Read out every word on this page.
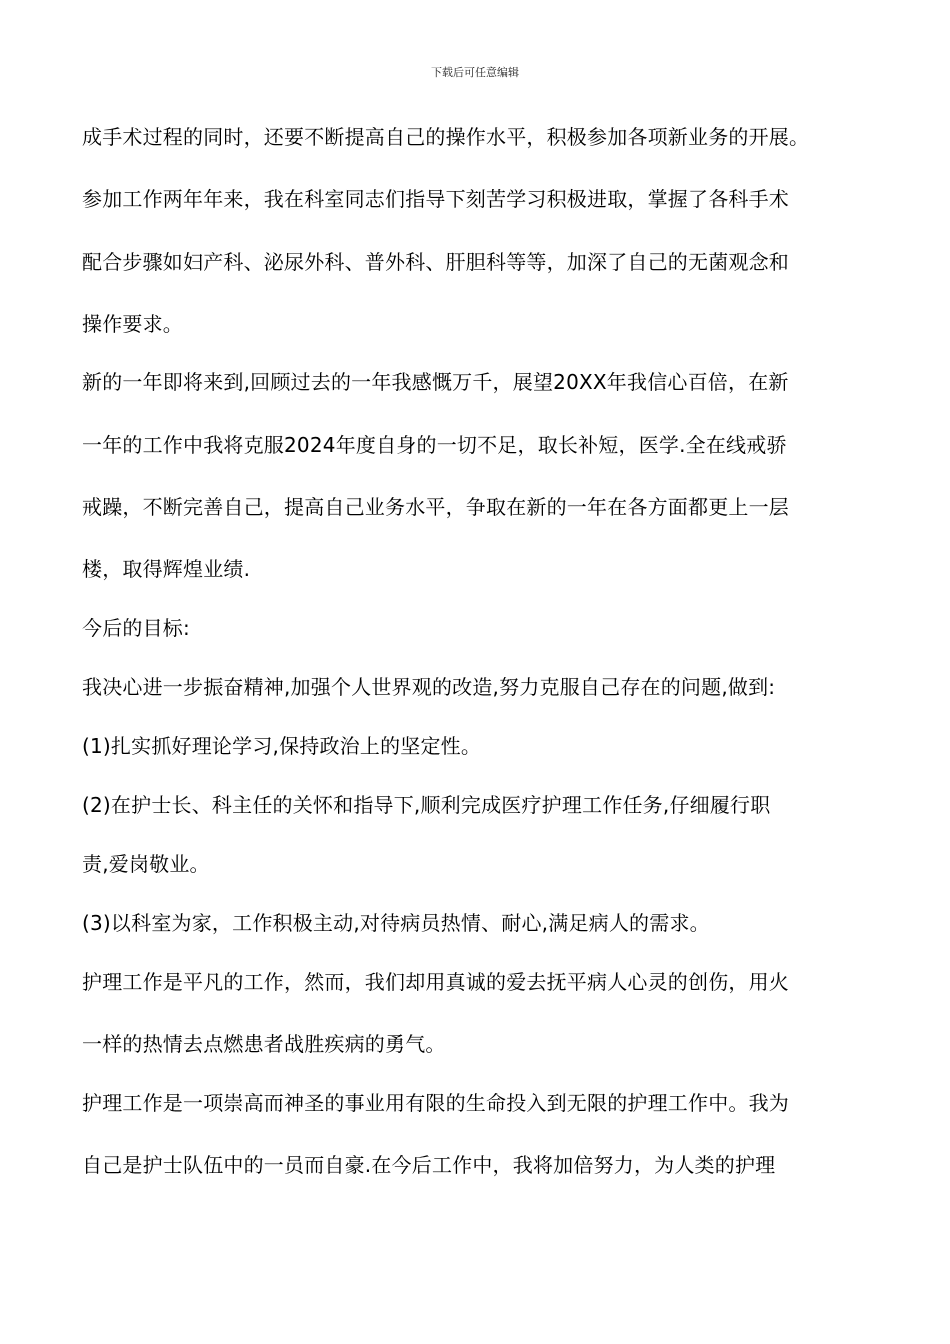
下载后可任意编辑
成手术过程的同时，还要不断提高自己的操作水平，积极参加各项新业务的开展。
参加工作两年年来，我在科室同志们指导下刻苦学习积极进取，掌握了各科手术
配合步骤如妇产科、泌尿外科、普外科、肝胆科等等，加深了自己的无菌观念和
操作要求。
新的一年即将来到,回顾过去的一年我感慨万千，展望20XX年我信心百倍，在新
一年的工作中我将克服2024年度自身的一切不足，取长补短，医学.全在线戒骄
戒躁，不断完善自己，提高自己业务水平，争取在新的一年在各方面都更上一层
楼，取得辉煌业绩.
今后的目标:
我决心进一步振奋精神,加强个人世界观的改造,努力克服自己存在的问题,做到:
(1)扎实抓好理论学习,保持政治上的坚定性。
(2)在护士长、科主任的关怀和指导下,顺利完成医疗护理工作任务,仔细履行职
责,爱岗敬业。
(3)以科室为家，工作积极主动,对待病员热情、耐心,满足病人的需求。
护理工作是平凡的工作，然而，我们却用真诚的爱去抚平病人心灵的创伤，用火
一样的热情去点燃患者战胜疾病的勇气。
护理工作是一项崇高而神圣的事业用有限的生命投入到无限的护理工作中。我为
自己是护士队伍中的一员而自豪.在今后工作中，我将加倍努力，为人类的护理
